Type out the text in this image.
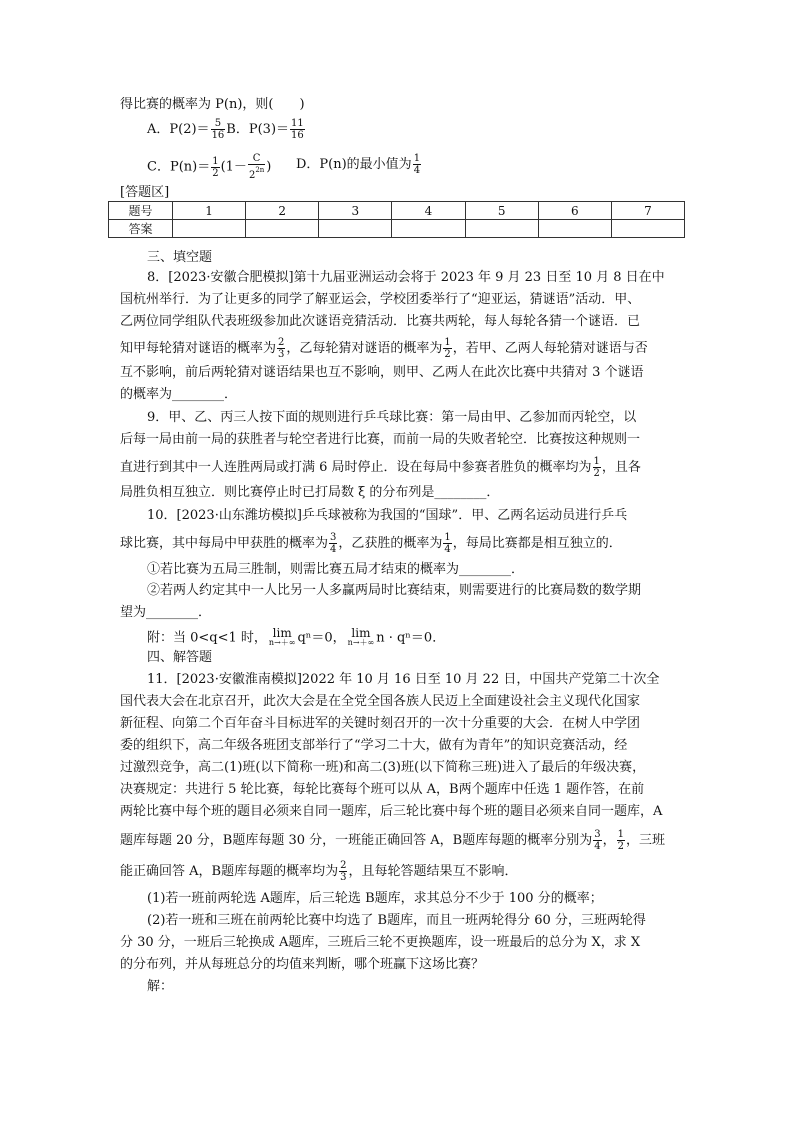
得比赛的概率为 P(n)，则(　　)
A．$P(2)= \frac{5}{16}$ B．$P(3)= \frac{11}{16}$
C．$P(n)= \frac{1}{2} (1- \frac{C}{2^{2n}}$ ) D．P(n)的最小值为 $\frac{1}{4}$
[答题区]
题号	1	2	3	4	5	6	7
答案							
三、填空题
8．[2023·安徽合肥模拟]第十九届亚洲运动会将于 2023 年 9 月 23 日至 10 月 8 日在中
国杭州举行．为了让更多的同学了解亚运会，学校团委举行了“迎亚运，猜谜语”活动．甲、
乙两位同学组队代表班级参加此次谜语竞猜活动．比赛共两轮，每人每轮各猜一个谜语．已
知甲每轮猜对谜语的概率为 $\frac{2}{3}$ ，乙每轮猜对谜语的概率为 $\frac{1}{2}$ ，若甲、乙两人每轮猜对谜语与否
互不影响，前后两轮猜对谜语结果也互不影响，则甲、乙两人在此次比赛中共猜对 3 个谜语
的概率为________．
9．甲、乙、丙三人按下面的规则进行乒乓球比赛：第一局由甲、乙参加而丙轮空，以
后每一局由前一局的获胜者与轮空者进行比赛，而前一局的失败者轮空．比赛按这种规则一
直进行到其中一人连胜两局或打满 6 局时停止．设在每局中参赛者胜负的概率均为 $\frac{1}{2}$ ，且各
局胜负相互独立．则比赛停止时已打局数 ξ 的分布列是________．
10．[2023·山东潍坊模拟]乒乓球被称为我国的“国球”．甲、乙两名运动员进行乒乓
球比赛，其中每局中甲获胜的概率为 $\frac{3}{4}$ ，乙获胜的概率为 $\frac{1}{4}$ ，每局比赛都是相互独立的．
①若比赛为五局三胜制，则需比赛五局才结束的概率为________．
②若两人约定其中一人比另一人多赢两局时比赛结束，则需要进行的比赛局数的数学期
望为________．
附：当 0<q<1 时， lim
n→＋∞ qⁿ＝0， lim
n→＋∞ n · qⁿ＝0．
四、解答题
11．[2023·安徽淮南模拟]2022 年 10 月 16 日至 10 月 22 日，中国共产党第二十次全
国代表大会在北京召开，此次大会是在全党全国各族人民迈上全面建设社会主义现代化国家
新征程、向第二个百年奋斗目标进军的关键时刻召开的一次十分重要的大会．在树人中学团
委的组织下，高二年级各班团支部举行了“学习二十大，做有为青年”的知识竞赛活动，经
过激烈竞争，高二(1)班(以下简称一班)和高二(3)班(以下简称三班)进入了最后的年级决赛，
决赛规定：共进行 5 轮比赛，每轮比赛每个班可以从 A，B两个题库中任选 1 题作答，在前
两轮比赛中每个班的题目必须来自同一题库，后三轮比赛中每个班的题目必须来自同一题库，A
题库每题 20 分，B题库每题 30 分，一班能正确回答 A，B题库每题的概率分别为 $\frac{3}{4}$ ， $\frac{1}{2}$ ，三班
能正确回答 A，B题库每题的概率均为 $\frac{2}{3}$ ，且每轮答题结果互不影响．
(1)若一班前两轮选 A题库，后三轮选 B题库，求其总分不少于 100 分的概率；
(2)若一班和三班在前两轮比赛中均选了 B题库，而且一班两轮得分 60 分，三班两轮得
分 30 分，一班后三轮换成 A题库，三班后三轮不更换题库，设一班最后的总分为 X，求 X
的分布列，并从每班总分的均值来判断，哪个班赢下这场比赛？
解：
